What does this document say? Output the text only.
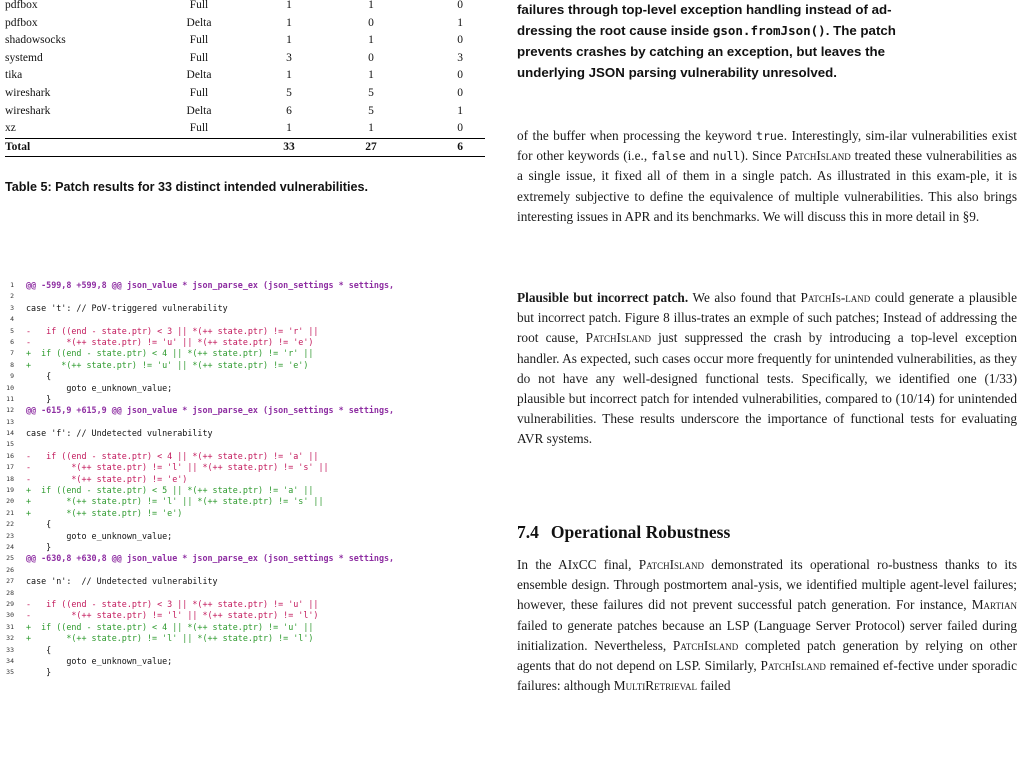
pdfbox	Full	1	1	0
pdfbox	Delta	1	0	1
shadowsocks	Full	1	1	0
systemd	Full	3	0	3
tika	Delta	1	1	0
wireshark	Full	5	5	0
wireshark	Delta	6	5	1
xz	Full	1	1	0
Total		33	27	6
Table 5: Patch results for 33 distinct intended vulnerabilities.
1 @@ -599,8 +599,8 @@ json_value * json_parse_ex (json_settings * settings,
2
3 case 't': // PoV-triggered vulnerability
4
5 -   if ((end - state.ptr) < 3 || *(++ state.ptr) != 'r' ||
6 -       *(++ state.ptr) != 'u' || *(++ state.ptr) != 'e')
7 +  if ((end - state.ptr) < 4 || *(++ state.ptr) != 'r' ||
8 +      *(++ state.ptr) != 'u' || *(++ state.ptr) != 'e')
9 {
10 goto e_unknown_value;
11 }
12 @@ -615,9 +615,9 @@ json_value * json_parse_ex (json_settings * settings,
13
14 case 'f': // Undetected vulnerability
15
16 -   if ((end - state.ptr) < 4 || *(++ state.ptr) != 'a' ||
17 -        *(++ state.ptr) != 'l' || *(++ state.ptr) != 's' ||
18 -        *(++ state.ptr) != 'e')
19 +  if ((end - state.ptr) < 5 || *(++ state.ptr) != 'a' ||
20 +       *(++ state.ptr) != 'l' || *(++ state.ptr) != 's' ||
21 +       *(++ state.ptr) != 'e')
22 {
23 goto e_unknown_value;
24 }
25 @@ -630,8 +630,8 @@ json_value * json_parse_ex (json_settings * settings,
26
27 case 'n':  // Undetected vulnerability
28
29 -   if ((end - state.ptr) < 3 || *(++ state.ptr) != 'u' ||
30 -        *(++ state.ptr) != 'l' || *(++ state.ptr) != 'l')
31 +  if ((end - state.ptr) < 4 || *(++ state.ptr) != 'u' ||
32 +       *(++ state.ptr) != 'l' || *(++ state.ptr) != 'l')
33 {
34 goto e_unknown_value;
35 }
failures through top-level exception handling instead of ad-
dressing the root cause inside gson.fromJson(). The patch
prevents crashes by catching an exception, but leaves the
underlying JSON parsing vulnerability unresolved.
of the buffer when processing the keyword true. Interestingly, sim-ilar vulnerabilities exist for other keywords (i.e., false and null). Since PatchIsland treated these vulnerabilities as a single issue, it fixed all of them in a single patch. As illustrated in this exam-ple, it is extremely subjective to define the equivalence of multiple vulnerabilities. This also brings interesting issues in APR and its benchmarks. We will discuss this in more detail in §9.
Plausible but incorrect patch. We also found that PatchIs-land could generate a plausible but incorrect patch. Figure 8 illus-trates an exmple of such patches; Instead of addressing the root cause, PatchIsland just suppressed the crash by introducing a top-level exception handler. As expected, such cases occur more frequently for unintended vulnerabilities, as they do not have any well-designed functional tests. Specifically, we identified one (1/33) plausible but incorrect patch for intended vulnerabilities, compared to (10/14) for unintended vulnerabilities. These results underscore the importance of functional tests for evaluating AVR systems.
7.4 Operational Robustness
In the AIxCC final, PatchIsland demonstrated its operational ro-bustness thanks to its ensemble design. Through postmortem anal-ysis, we identified multiple agent-level failures; however, these failures did not prevent successful patch generation. For instance, Martian failed to generate patches because an LSP (Language Server Protocol) server failed during initialization. Nevertheless, PatchIsland completed patch generation by relying on other agents that do not depend on LSP. Similarly, PatchIsland remained ef-fective under sporadic failures: although MultiRetrieval failed
